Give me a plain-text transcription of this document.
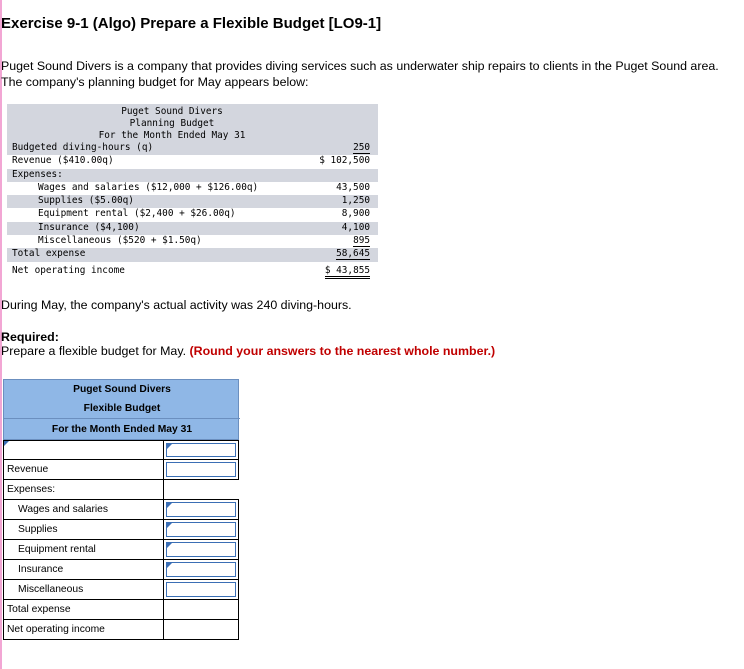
Exercise 9-1 (Algo) Prepare a Flexible Budget [LO9-1]
Puget Sound Divers is a company that provides diving services such as underwater ship repairs to clients in the Puget Sound area. The company's planning budget for May appears below:
Puget Sound Divers
Planning Budget
For the Month Ended May 31
Budgeted diving-hours (q)	250
Revenue ($410.00q)	$ 102,500
Expenses:
Wages and salaries ($12,000 + $126.00q)	43,500
Supplies ($5.00q)	1,250
Equipment rental ($2,400 + $26.00q)	8,900
Insurance ($4,100)	4,100
Miscellaneous ($520 + $1.50q)	895
Total expense	58,645
Net operating income	$ 43,855
During May, the company's actual activity was 240 diving-hours.
Required:
Prepare a flexible budget for May. (Round your answers to the nearest whole number.)
Puget Sound Divers
Flexible Budget
For the Month Ended May 31

Revenue	

Expenses:	
Wages and salaries	

Supplies	

Equipment rental	

Insurance	

Miscellaneous	

Total expense	
Net operating income	
